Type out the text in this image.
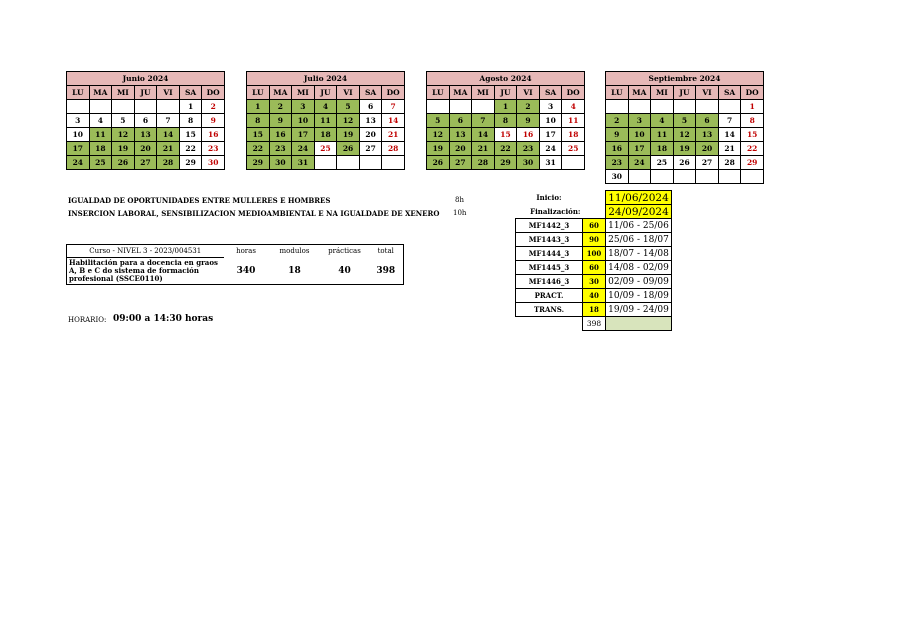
Junio 2024						
LU	MA	MI	JU	VI	SA	DO
					1	2
3	4	5	6	7	8	9
10	11	12	13	14	15	16
17	18	19	20	21	22	23
24	25	26	27	28	29	30
Julio 2024						
LU	MA	MI	JU	VI	SA	DO
1	2	3	4	5	6	7
8	9	10	11	12	13	14
15	16	17	18	19	20	21
22	23	24	25	26	27	28
29	30	31				
Agosto 2024						
LU	MA	MI	JU	VI	SA	DO
			1	2	3	4
5	6	7	8	9	10	11
12	13	14	15	16	17	18
19	20	21	22	23	24	25
26	27	28	29	30	31	
Septiembre 2024						
LU	MA	MI	JU	VI	SA	DO
						1
2	3	4	5	6	7	8
9	10	11	12	13	14	15
16	17	18	19	20	21	22
23	24	25	26	27	28	29
30						
IGUALDAD DE OPORTUNIDADES ENTRE MULLERES E HOMBRES	8h
INSERCION LABORAL, SENSIBILIZACION MEDIOAMBIENTAL E NA IGUALDADE DE XENERO 10h
Curso - NIVEL 3 - 2023/004531	horas	modulos	prácticas	total
Habilitación para a docencia en graos A, B e C do sistema de formación profesional (SSCE0110)	340	18	40	398
HORARIO: 09:00 a 14:30 horas
Inicio:		11/06/2024
Finalización:		24/09/2024
MF1442_3	60	11/06 - 25/06
MF1443_3	90	25/06 - 18/07
MF1444_3	100	18/07 - 14/08
MF1445_3	60	14/08 - 02/09
MF1446_3	30	02/09 - 09/09
PRACT.	40	10/09 - 18/09
TRANS.	18	19/09 - 24/09
	398	
